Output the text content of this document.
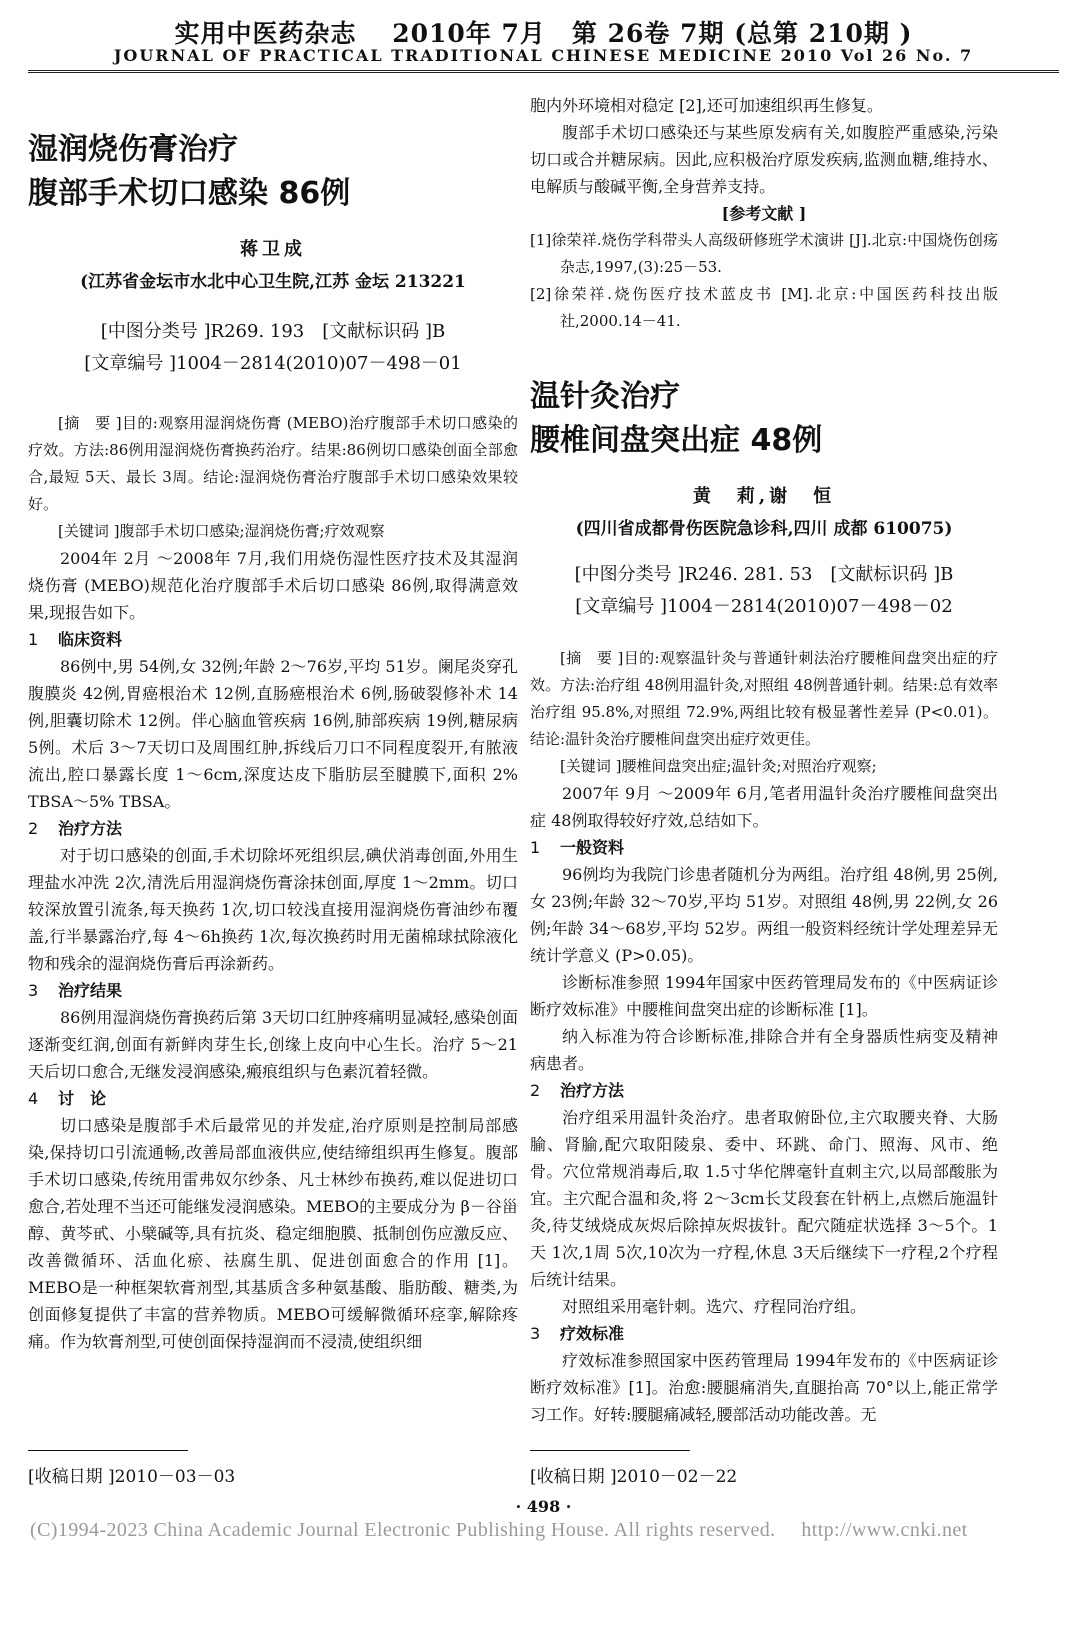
实用中医药杂志　 2010年 7月　第 26卷 7期 (总第 210期 )
JOURNAL OF PRACTICAL TRADITIONAL CHINESE MEDICINE 2010 Vol 26 No. 7

湿润烧伤膏治疗

腹部手术切口感染 86例

蒋卫成
(江苏省金坛市水北中心卫生院,江苏 金坛 213221
[中图分类号 ]R269. 193　[文献标识码 ]B
[文章编号 ]1004－2814(2010)07－498－01

[摘　要 ]目的:观察用湿润烧伤膏 (MEBO)治疗腹部手术切口感染的疗效。方法:86例用湿润烧伤膏换药治疗。结果:86例切口感染创面全部愈合,最短 5天、最长 3周。结论:湿润烧伤膏治疗腹部手术切口感染效果较好。

[关键词 ]腹部手术切口感染;湿润烧伤膏;疗效观察

2004年 2月 ～2008年 7月,我们用烧伤湿性医疗技术及其湿润烧伤膏 (MEBO)规范化治疗腹部手术后切口感染 86例,取得满意效果,现报告如下。

1 临床资料

86例中,男 54例,女 32例;年龄 2～76岁,平均 51岁。阑尾炎穿孔腹膜炎 42例,胃癌根治术 12例,直肠癌根治术 6例,肠破裂修补术 14例,胆囊切除术 12例。伴心脑血管疾病 16例,肺部疾病 19例,糖尿病 5例。术后 3～7天切口及周围红肿,拆线后刀口不同程度裂开,有脓液流出,腔口暴露长度 1～6cm,深度达皮下脂肪层至腱膜下,面积 2% TBSA～5% TBSA。

2 治疗方法

对于切口感染的创面,手术切除坏死组织层,碘伏消毒创面,外用生理盐水冲洗 2次,清洗后用湿润烧伤膏涂抹创面,厚度 1～2mm。切口较深放置引流条,每天换药 1次,切口较浅直接用湿润烧伤膏油纱布覆盖,行半暴露治疗,每 4～6h换药 1次,每次换药时用无菌棉球拭除液化物和残余的湿润烧伤膏后再涂新药。

3 治疗结果

86例用湿润烧伤膏换药后第 3天切口红肿疼痛明显减轻,感染创面逐渐变红润,创面有新鲜肉芽生长,创缘上皮向中心生长。治疗 5～21天后切口愈合,无继发浸润感染,瘢痕组织与色素沉着轻微。

4 讨　论

切口感染是腹部手术后最常见的并发症,治疗原则是控制局部感染,保持切口引流通畅,改善局部血液供应,使结缔组织再生修复。腹部手术切口感染,传统用雷弗奴尔纱条、凡士林纱布换药,难以促进切口愈合,若处理不当还可能继发浸润感染。MEBO的主要成分为 β－谷甾醇、黄芩甙、小檗碱等,具有抗炎、稳定细胞膜、抵制创伤应激反应、改善微循环、活血化瘀、祛腐生肌、促进创面愈合的作用 [1]。MEBO是一种框架软膏剂型,其基质含多种氨基酸、脂肪酸、糖类,为创面修复提供了丰富的营养物质。MEBO可缓解微循环痉挛,解除疼痛。作为软膏剂型,可使创面保持湿润而不浸渍,使组织细

胞内外环境相对稳定 [2],还可加速组织再生修复。

腹部手术切口感染还与某些原发病有关,如腹腔严重感染,污染切口或合并糖尿病。因此,应积极治疗原发疾病,监测血糖,维持水、电解质与酸碱平衡,全身营养支持。

[参考文献 ]

[1]徐荣祥.烧伤学科带头人高级研修班学术演讲 [J].北京:中国烧伤创疡杂志,1997,(3):25－53.

[2]徐荣祥.烧伤医疗技术蓝皮书 [M].北京:中国医药科技出版社,2000.14－41.

温针灸治疗

腰椎间盘突出症 48例

黄　莉,谢　恒
(四川省成都骨伤医院急诊科,四川 成都 610075)
[中图分类号 ]R246. 281. 53　[文献标识码 ]B
[文章编号 ]1004－2814(2010)07－498－02

[摘　要 ]目的:观察温针灸与普通针刺法治疗腰椎间盘突出症的疗效。方法:治疗组 48例用温针灸,对照组 48例普通针刺。结果:总有效率治疗组 95.8%,对照组 72.9%,两组比较有极显著性差异 (P<0.01)。结论:温针灸治疗腰椎间盘突出症疗效更佳。

[关键词 ]腰椎间盘突出症;温针灸;对照治疗观察;

2007年 9月 ～2009年 6月,笔者用温针灸治疗腰椎间盘突出症 48例取得较好疗效,总结如下。

1 一般资料

96例均为我院门诊患者随机分为两组。治疗组 48例,男 25例,女 23例;年龄 32～70岁,平均 51岁。对照组 48例,男 22例,女 26例;年龄 34～68岁,平均 52岁。两组一般资料经统计学处理差异无统计学意义 (P>0.05)。

诊断标准参照 1994年国家中医药管理局发布的《中医病证诊断疗效标准》中腰椎间盘突出症的诊断标准 [1]。

纳入标准为符合诊断标准,排除合并有全身器质性病变及精神病患者。

2 治疗方法

治疗组采用温针灸治疗。患者取俯卧位,主穴取腰夹脊、大肠腧、肾腧,配穴取阳陵泉、委中、环跳、命门、照海、风市、绝骨。穴位常规消毒后,取 1.5寸华佗牌毫针直刺主穴,以局部酸胀为宜。主穴配合温和灸,将 2～3cm长艾段套在针柄上,点燃后施温针灸,待艾绒烧成灰烬后除掉灰烬拔针。配穴随症状选择 3～5个。1天 1次,1周 5次,10次为一疗程,休息 3天后继续下一疗程,2个疗程后统计结果。

对照组采用毫针刺。选穴、疗程同治疗组。

3 疗效标准

疗效标准参照国家中医药管理局 1994年发布的《中医病证诊断疗效标准》[1]。治愈:腰腿痛消失,直腿抬高 70°以上,能正常学习工作。好转:腰腿痛减轻,腰部活动功能改善。无

[收稿日期 ]2010－03－03	[收稿日期 ]2010－02－22
· 498 ·
(C)1994-2023 China Academic Journal Electronic Publishing House. All rights reserved.　 http://www.cnki.net
